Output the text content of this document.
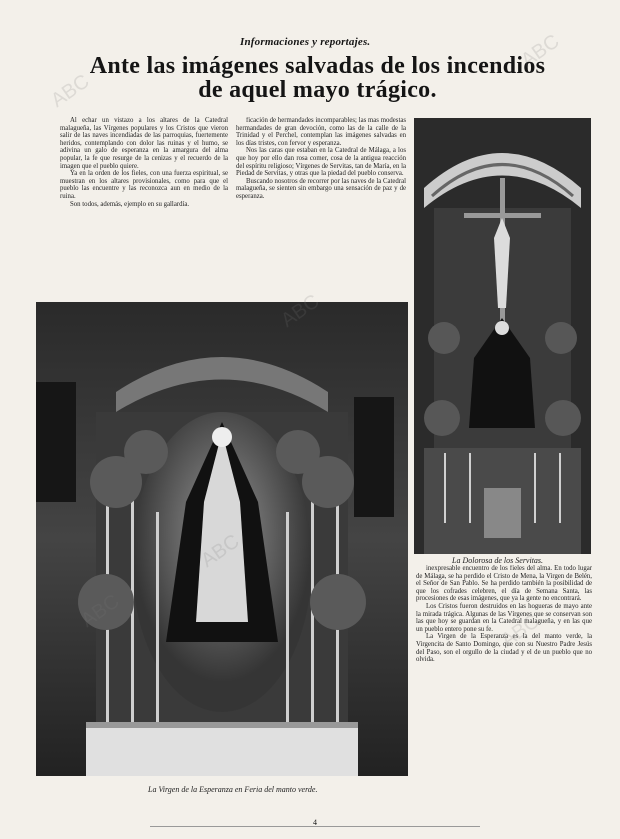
Informaciones y reportajes.
Ante las imágenes salvadas de los incendios
de aquel mayo trágico.

Al echar un vistazo a los altares de la Catedral malagueña, las Vírgenes populares y los Cristos que vieron salir de las naves incendiadas de las parroquias, fuertemente heridos, contemplando con dolor las ruinas y el humo, se adivina un galo de esperanza en la amargura del alma popular, la fe que resurge de la cenizas y el recuerdo de la imagen que el pueblo quiere.

Ya en la orden de los fieles, con una fuerza espiritual, se muestran en los altares provisionales, como para que el pueblo las encuentre y las reconozca aun en medio de la ruina.

Son todos, además, ejemplo en su gallardía.

ficación de hermandades incomparables; las mas modestas hermandades de gran devoción, como las de la calle de la Trinidad y el Perchel, contemplan las imágenes salvadas en los días tristes, con fervor y esperanza.

Nos las caras que estaban en la Catedral de Málaga, a los que hoy por ello dan rosa comer, cosa de la antigua reacción del espíritu religioso; Vírgenes de Servitas, tan de María, en la Piedad de Servitas, y otras que la piedad del pueblo conserva.

Buscando nosotros de recorrer por las naves de la Catedral malagueña, se sienten sin embargo una sensación de paz y de esperanza.

La Virgen de la Esperanza en Feria del manto verde.
La Dolorosa de los Servitas.

inexpresable encuentro de los fieles del alma. En todo lugar de Málaga, se ha perdido el Cristo de Mena, la Virgen de Belén, el Señor de San Pablo. Se ha perdido también la posibilidad de que los cofrades celebren, el día de Semana Santa, las procesiones de esas imágenes, que ya la gente no encontrará.

Los Cristos fueron destruidos en las hogueras de mayo ante la mirada trágica. Algunas de las Vírgenes que se conservan son las que hoy se guardan en la Catedral malagueña, y en las que un pueblo entero pone su fe.

La Virgen de la Esperanza es la del manto verde, la Virgencita de Santo Domingo, que con su Nuestro Padre Jesús del Paso, son el orgullo de la ciudad y el de un pueblo que no olvida.

ABC
ABC
ABC
ABC
ABC
ABC
4
